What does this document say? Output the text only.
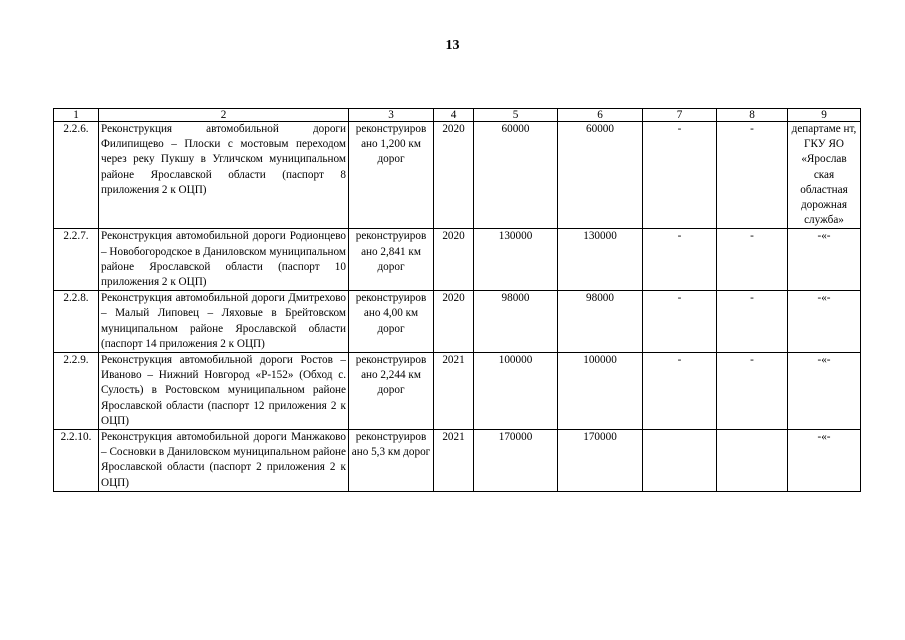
13
1	2	3	4	5	6	7	8	9
2.2.6.	Реконструкция автомобильной дороги Филипищево – Плоски с мостовым переходом через реку Пукшу в Угличском муниципальном районе Ярославской области (паспорт 8 приложения 2 к ОЦП)	реконструиров ано 1,200 км дорог	2020	60000	60000	-	-	департаме нт, ГКУ ЯО «Ярослав ская областная дорожная служба»
2.2.7.	Реконструкция автомобильной дороги Родионцево – Новобогородское в Даниловском муниципальном районе Ярославской области (паспорт 10 приложения 2 к ОЦП)	реконструиров ано 2,841 км дорог	2020	130000	130000	-	-	-«-
2.2.8.	Реконструкция автомобильной дороги Дмитрехово – Малый Липовец – Ляховые в Брейтовском муниципальном районе Ярославской области (паспорт 14 приложения 2 к ОЦП)	реконструиров ано 4,00 км дорог	2020	98000	98000	-	-	-«-
2.2.9.	Реконструкция автомобильной дороги Ростов – Иваново – Нижний Новгород «Р-152» (Обход с. Сулость) в Ростовском муниципальном районе Ярославской области (паспорт 12 приложения 2 к ОЦП)	реконструиров ано 2,244 км дорог	2021	100000	100000	-	-	-«-
2.2.10.	Реконструкция автомобильной дороги Манжаково – Сосновки в Даниловском муниципальном районе Ярославской области (паспорт 2 приложения 2 к ОЦП)	реконструиров ано 5,3 км дорог	2021	170000	170000			-«-
